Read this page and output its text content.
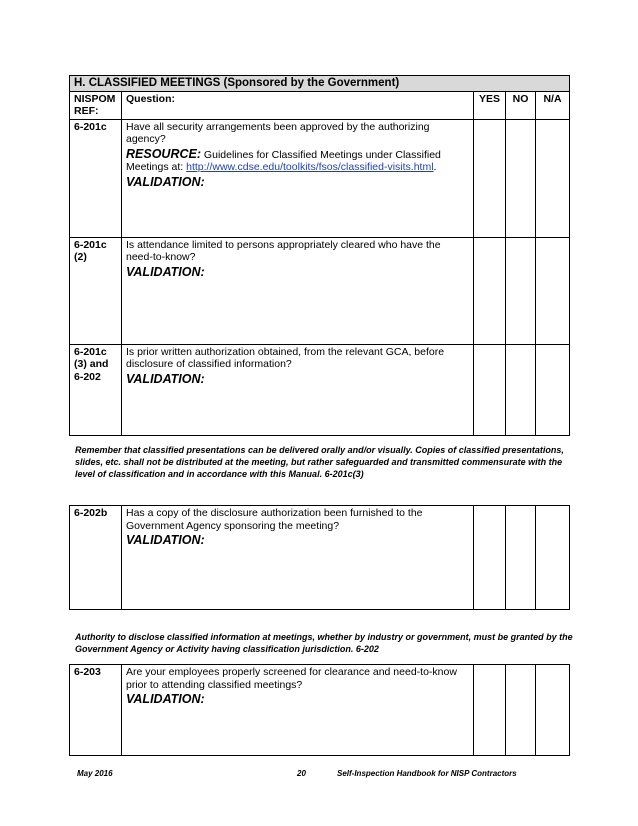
H. CLASSIFIED MEETINGS (Sponsored by the Government)				
NISPOM REF:	Question:	YES	NO	N/A
6-201c	Have all security arrangements been approved by the authorizing agency?
RESOURCE: Guidelines for Classified Meetings under Classified Meetings at: http://www.cdse.edu/toolkits/fsos/classified-visits.html.
VALIDATION:			

6-201c (2)	Is attendance limited to persons appropriately cleared who have the need-to-know?
VALIDATION:			

6-201c (3) and 6-202	Is prior written authorization obtained, from the relevant GCA, before disclosure of classified information?
VALIDATION:			

Remember that classified presentations can be delivered orally and/or visually. Copies of classified presentations, slides, etc. shall not be distributed at the meeting, but rather safeguarded and transmitted commensurate with the level of classification and in accordance with this Manual. 6-201c(3)

6-202b	Has a copy of the disclosure authorization been furnished to the Government Agency sponsoring the meeting?
VALIDATION:

Authority to disclose classified information at meetings, whether by industry or government, must be granted by the Government Agency or Activity having classification jurisdiction. 6-202

6-203	Are your employees properly screened for clearance and need-to-know prior to attending classified meetings?
VALIDATION:

May 2016	20	Self-Inspection Handbook for NISP Contractors
